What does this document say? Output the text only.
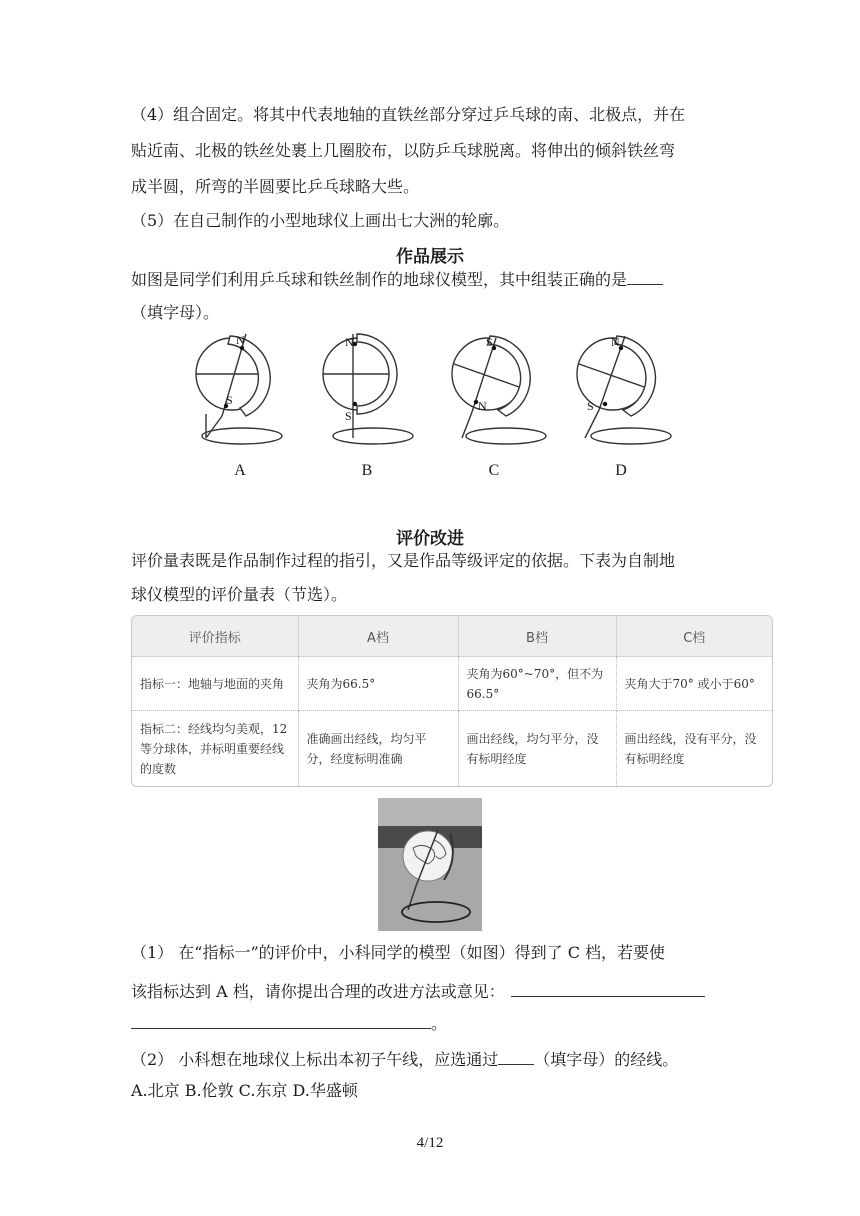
（4）组合固定。将其中代表地轴的直铁丝部分穿过乒乓球的南、北极点，并在
贴近南、北极的铁丝处裹上几圈胶布，以防乒乓球脱离。将伸出的倾斜铁丝弯
成半圆，所弯的半圆要比乒乓球略大些。
（5）在自己制作的小型地球仪上画出七大洲的轮廓。
作品展示
如图是同学们利用乒乓球和铁丝制作的地球仪模型，其中组装正确的是
（填字母）。
N
S
A
N
S
B
S
N
C
N
S
D
评价改进
评价量表既是作品制作过程的指引，又是作品等级评定的依据。下表为自制地
球仪模型的评价量表（节选）。
评价指标	A档	B档	C档
指标一：地轴与地面的夹角	夹角为66.5°	夹角为60°~70°，但不为66.5°	夹角大于70° 或小于60°
指标二：经线均匀美观，12等分球体，并标明重要经线的度数	准确画出经线，均匀平分，经度标明准确	画出经线，均匀平分，没有标明经度	画出经线，没有平分，没有标明经度
（1） 在“指标一”的评价中，小科同学的模型（如图）得到了 C 档，若要使
该指标达到 A 档，请你提出合理的改进方法或意见：
。
（2） 小科想在地球仪上标出本初子午线，应选通过 （填字母）的经线。
A.北京 B.伦敦 C.东京 D.华盛顿
4/12
